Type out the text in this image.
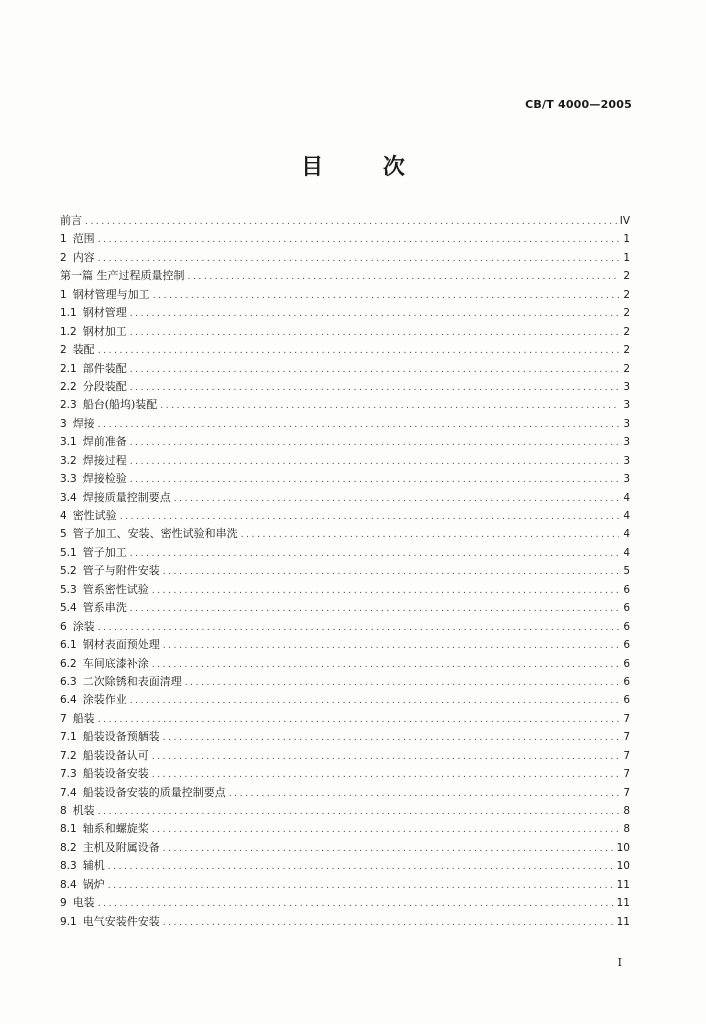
CB/T 4000—2005
目 次
前言 .....	IV
1 范围 .....	1
2 内容 .....	1
第一篇 生产过程质量控制 .....	2
1 钢材管理与加工 .....	2
1.1 钢材管理 .....	2
1.2 钢材加工 .....	2
2 装配 .....	2
2.1 部件装配 .....	2
2.2 分段装配 .....	3
2.3 船台(船坞)装配 .....	3
3 焊接 .....	3
3.1 焊前准备 .....	3
3.2 焊接过程 .....	3
3.3 焊接检验 .....	3
3.4 焊接质量控制要点 .....	4
4 密性试验 .....	4
5 管子加工、安装、密性试验和串洗 .....	4
5.1 管子加工 .....	4
5.2 管子与附件安装 .....	5
5.3 管系密性试验 .....	6
5.4 管系串洗 .....	6
6 涂装 .....	6
6.1 钢材表面预处理 .....	6
6.2 车间底漆补涂 .....	6
6.3 二次除锈和表面清理 .....	6
6.4 涂装作业 .....	6
7 船装 .....	7
7.1 船装设备预舾装 .....	7
7.2 船装设备认可 .....	7
7.3 船装设备安装 .....	7
7.4 船装设备安装的质量控制要点 .....	7
8 机装 .....	8
8.1 轴系和螺旋桨 .....	8
8.2 主机及附属设备 .....	10
8.3 辅机 .....	10
8.4 锅炉 .....	11
9 电装 .....	11
9.1 电气安装件安装 .....	11
I
